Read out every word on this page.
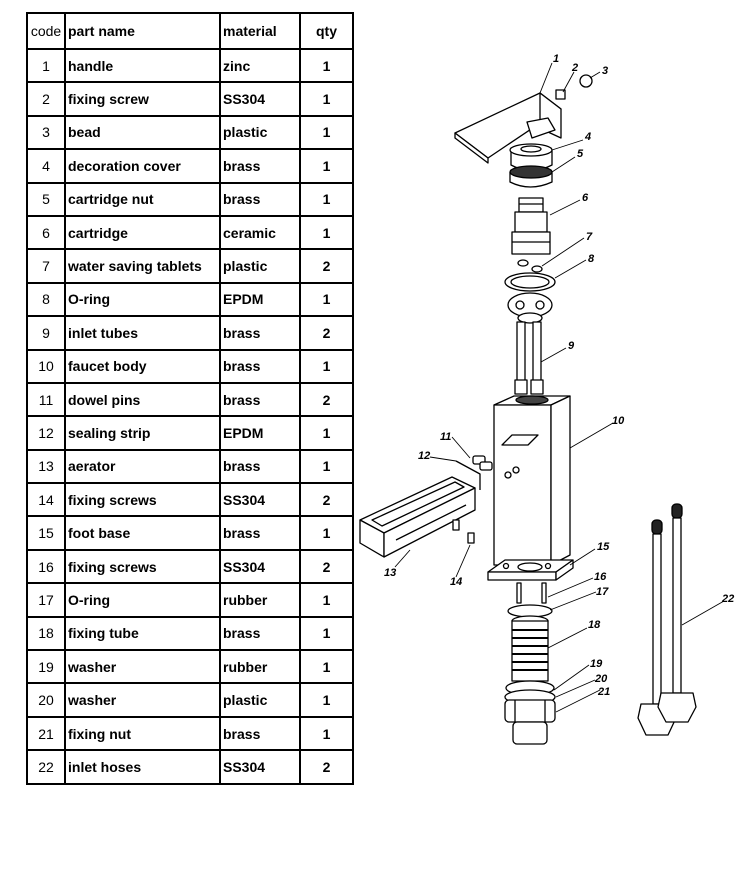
code	part name	material	qty
1	handle	zinc	1
2	fixing screw	SS304	1
3	bead	plastic	1
4	decoration cover	brass	1
5	cartridge nut	brass	1
6	cartridge	ceramic	1
7	water saving tablets	plastic	2
8	O-ring	EPDM	1
9	inlet tubes	brass	2
10	faucet body	brass	1
11	dowel pins	brass	2
12	sealing strip	EPDM	1
13	aerator	brass	1
14	fixing screws	SS304	2
15	foot base	brass	1
16	fixing screws	SS304	2
17	O-ring	rubber	1
18	fixing tube	brass	1
19	washer	rubber	1
20	washer	plastic	1
21	fixing nut	brass	1
22	inlet hoses	SS304	2
1
2 3
4
5
6
7
8
9
10
11
12
13
14
15
16
17
18
19
20
21
22
